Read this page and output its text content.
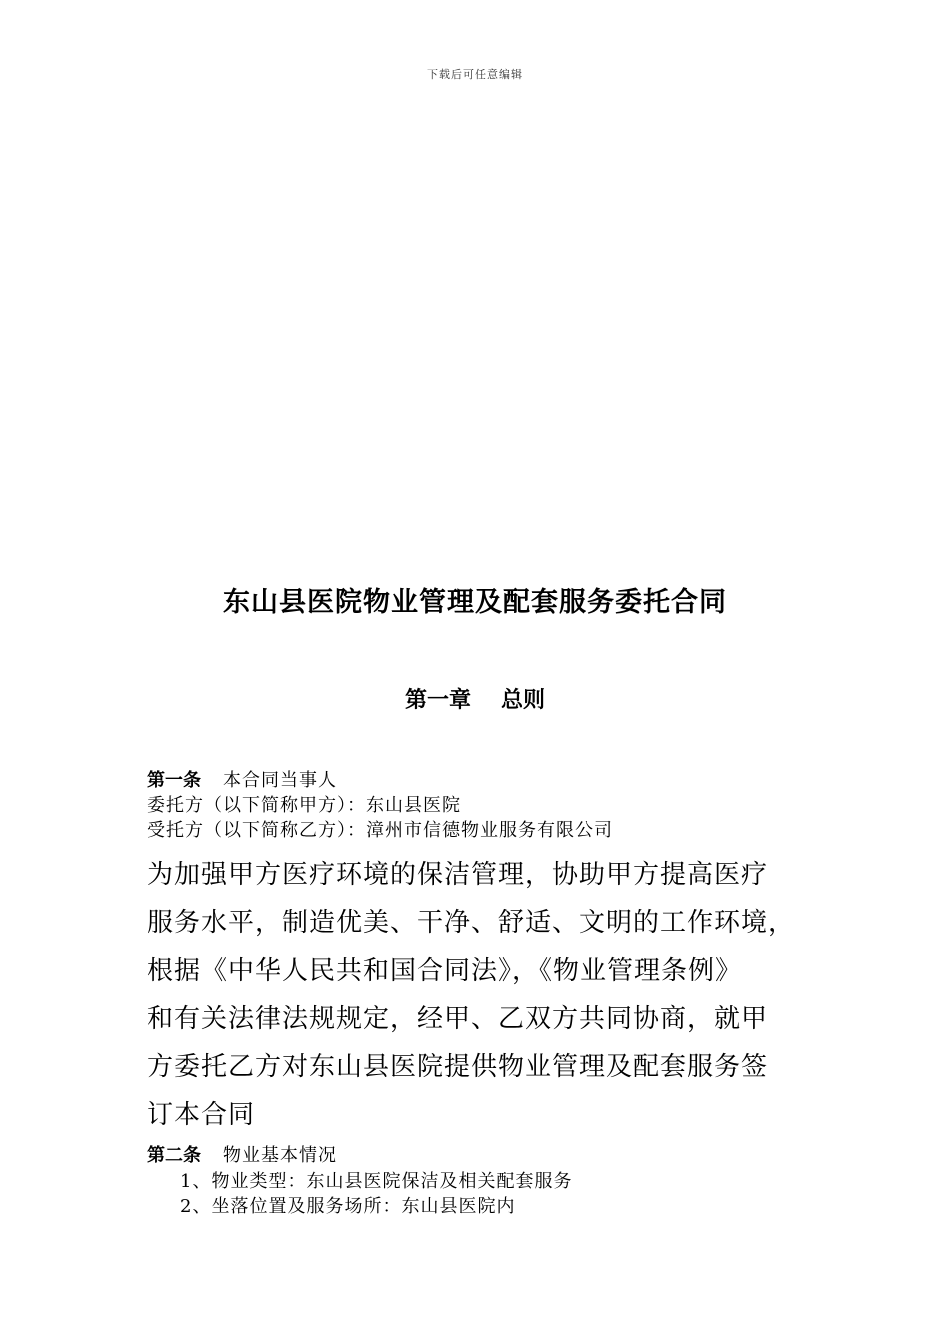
下载后可任意编辑
东山县医院物业管理及配套服务委托合同
第一章 总则
第一条 本合同当事人
委托方（以下简称甲方）：东山县医院
受托方（以下简称乙方）：漳州市信德物业服务有限公司
为加强甲方医疗环境的保洁管理，协助甲方提高医疗
服务水平，制造优美、干净、舒适、文明的工作环境，
根据《中华人民共和国合同法》，《物业管理条例》
和有关法律法规规定，经甲、乙双方共同协商，就甲
方委托乙方对东山县医院提供物业管理及配套服务签
订本合同
第二条 物业基本情况
1、物业类型：东山县医院保洁及相关配套服务
2、坐落位置及服务场所：东山县医院内
